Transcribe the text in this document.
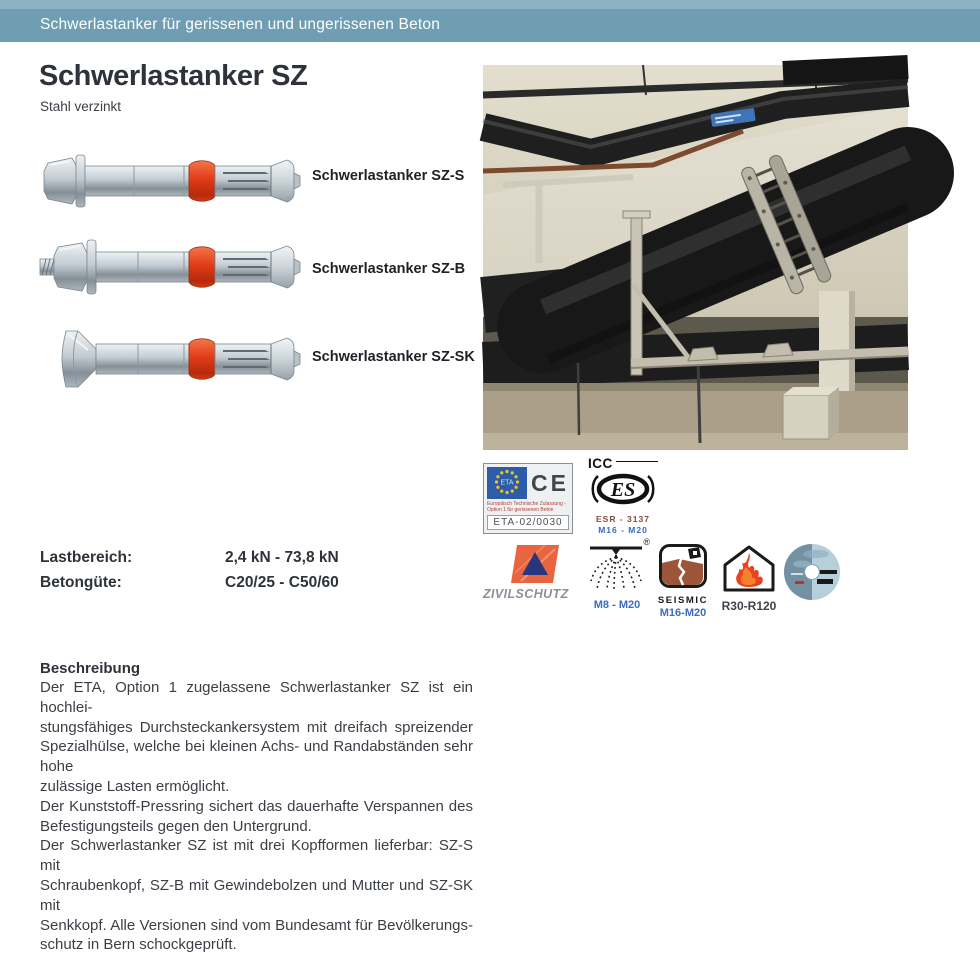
Schwerlastanker für gerissenen und ungerissenen Beton
Schwerlastanker SZ
Stahl verzinkt
Schwerlastanker SZ-S
Schwerlastanker SZ-B
Schwerlastanker SZ-SK
ETA CE
Europäisch Technische Zulassung -
Option 1 für gerissenen Beton
ETA-02/0030
ICC
ES
ESR - 3137
M16 - M20
ZIVILSCHUTZ
®
M8 - M20	SEISMIC
M16-M20 R30-R120
Lastbereich:	2,4 kN - 73,8 kN
Betongüte:	C20/25 - C50/60
Beschreibung
Der ETA, Option 1 zugelassene Schwerlastanker SZ ist ein hochlei-
stungsfähiges Durchsteckankersystem mit dreifach spreizender
Spezialhülse, welche bei kleinen Achs- und Randabständen sehr hohe
zulässige Lasten ermöglicht.
Der Kunststoff-Pressring sichert das dauerhafte Verspannen des
Befestigungsteils gegen den Untergrund.
Der Schwerlastanker SZ ist mit drei Kopfformen lieferbar: SZ-S mit
Schraubenkopf, SZ-B mit Gewindebolzen und Mutter und SZ-SK mit
Senkkopf. Alle Versionen sind vom Bundesamt für Bevölkerungs-
schutz in Bern schockgeprüft.
